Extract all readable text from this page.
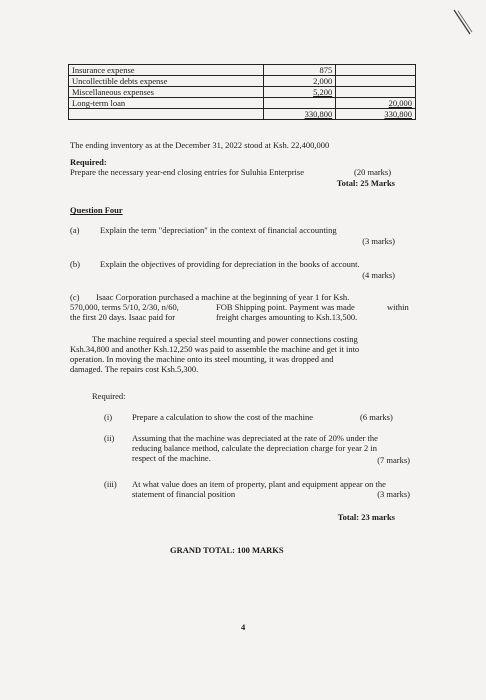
Insurance expense	875	
Uncollectible debts expense	2,000	
Miscellaneous expenses	5,200	
Long-term loan		20,000
	330,800	330,800
The ending inventory as at the December 31, 2022 stood at Ksh. 22,400,000
Required:
Prepare the necessary year-end closing entries for Suluhia Enterprise	(20 marks)
Total: 25 Marks
Question Four
(a) Explain the term "depreciation" in the context of financial accounting
(3 marks)
(b) Explain the objectives of providing for depreciation in the books of account.
(4 marks)
(c) Isaac Corporation purchased a machine at the beginning of year 1 for Ksh.
570,000, terms 5/10, 2/30, n/60,	FOB Shipping point. Payment was made	within
the first 20 days. Isaac paid for	freight charges amounting to Ksh.13,500.
The machine required a special steel mounting and power connections costing
Ksh.34,800 and another Ksh.12,250 was paid to assemble the machine and get it into
operation. In moving the machine onto its steel mounting, it was dropped and
damaged. The repairs cost Ksh.5,300.
Required:
(i) Prepare a calculation to show the cost of the machine	(6 marks)
(ii) Assuming that the machine was depreciated at the rate of 20% under the
reducing balance method, calculate the depreciation charge for year 2 in
respect of the machine.	(7 marks)
(iii) At what value does an item of property, plant and equipment appear on the
statement of financial position	(3 marks)
Total: 23 marks
GRAND TOTAL: 100 MARKS
4
